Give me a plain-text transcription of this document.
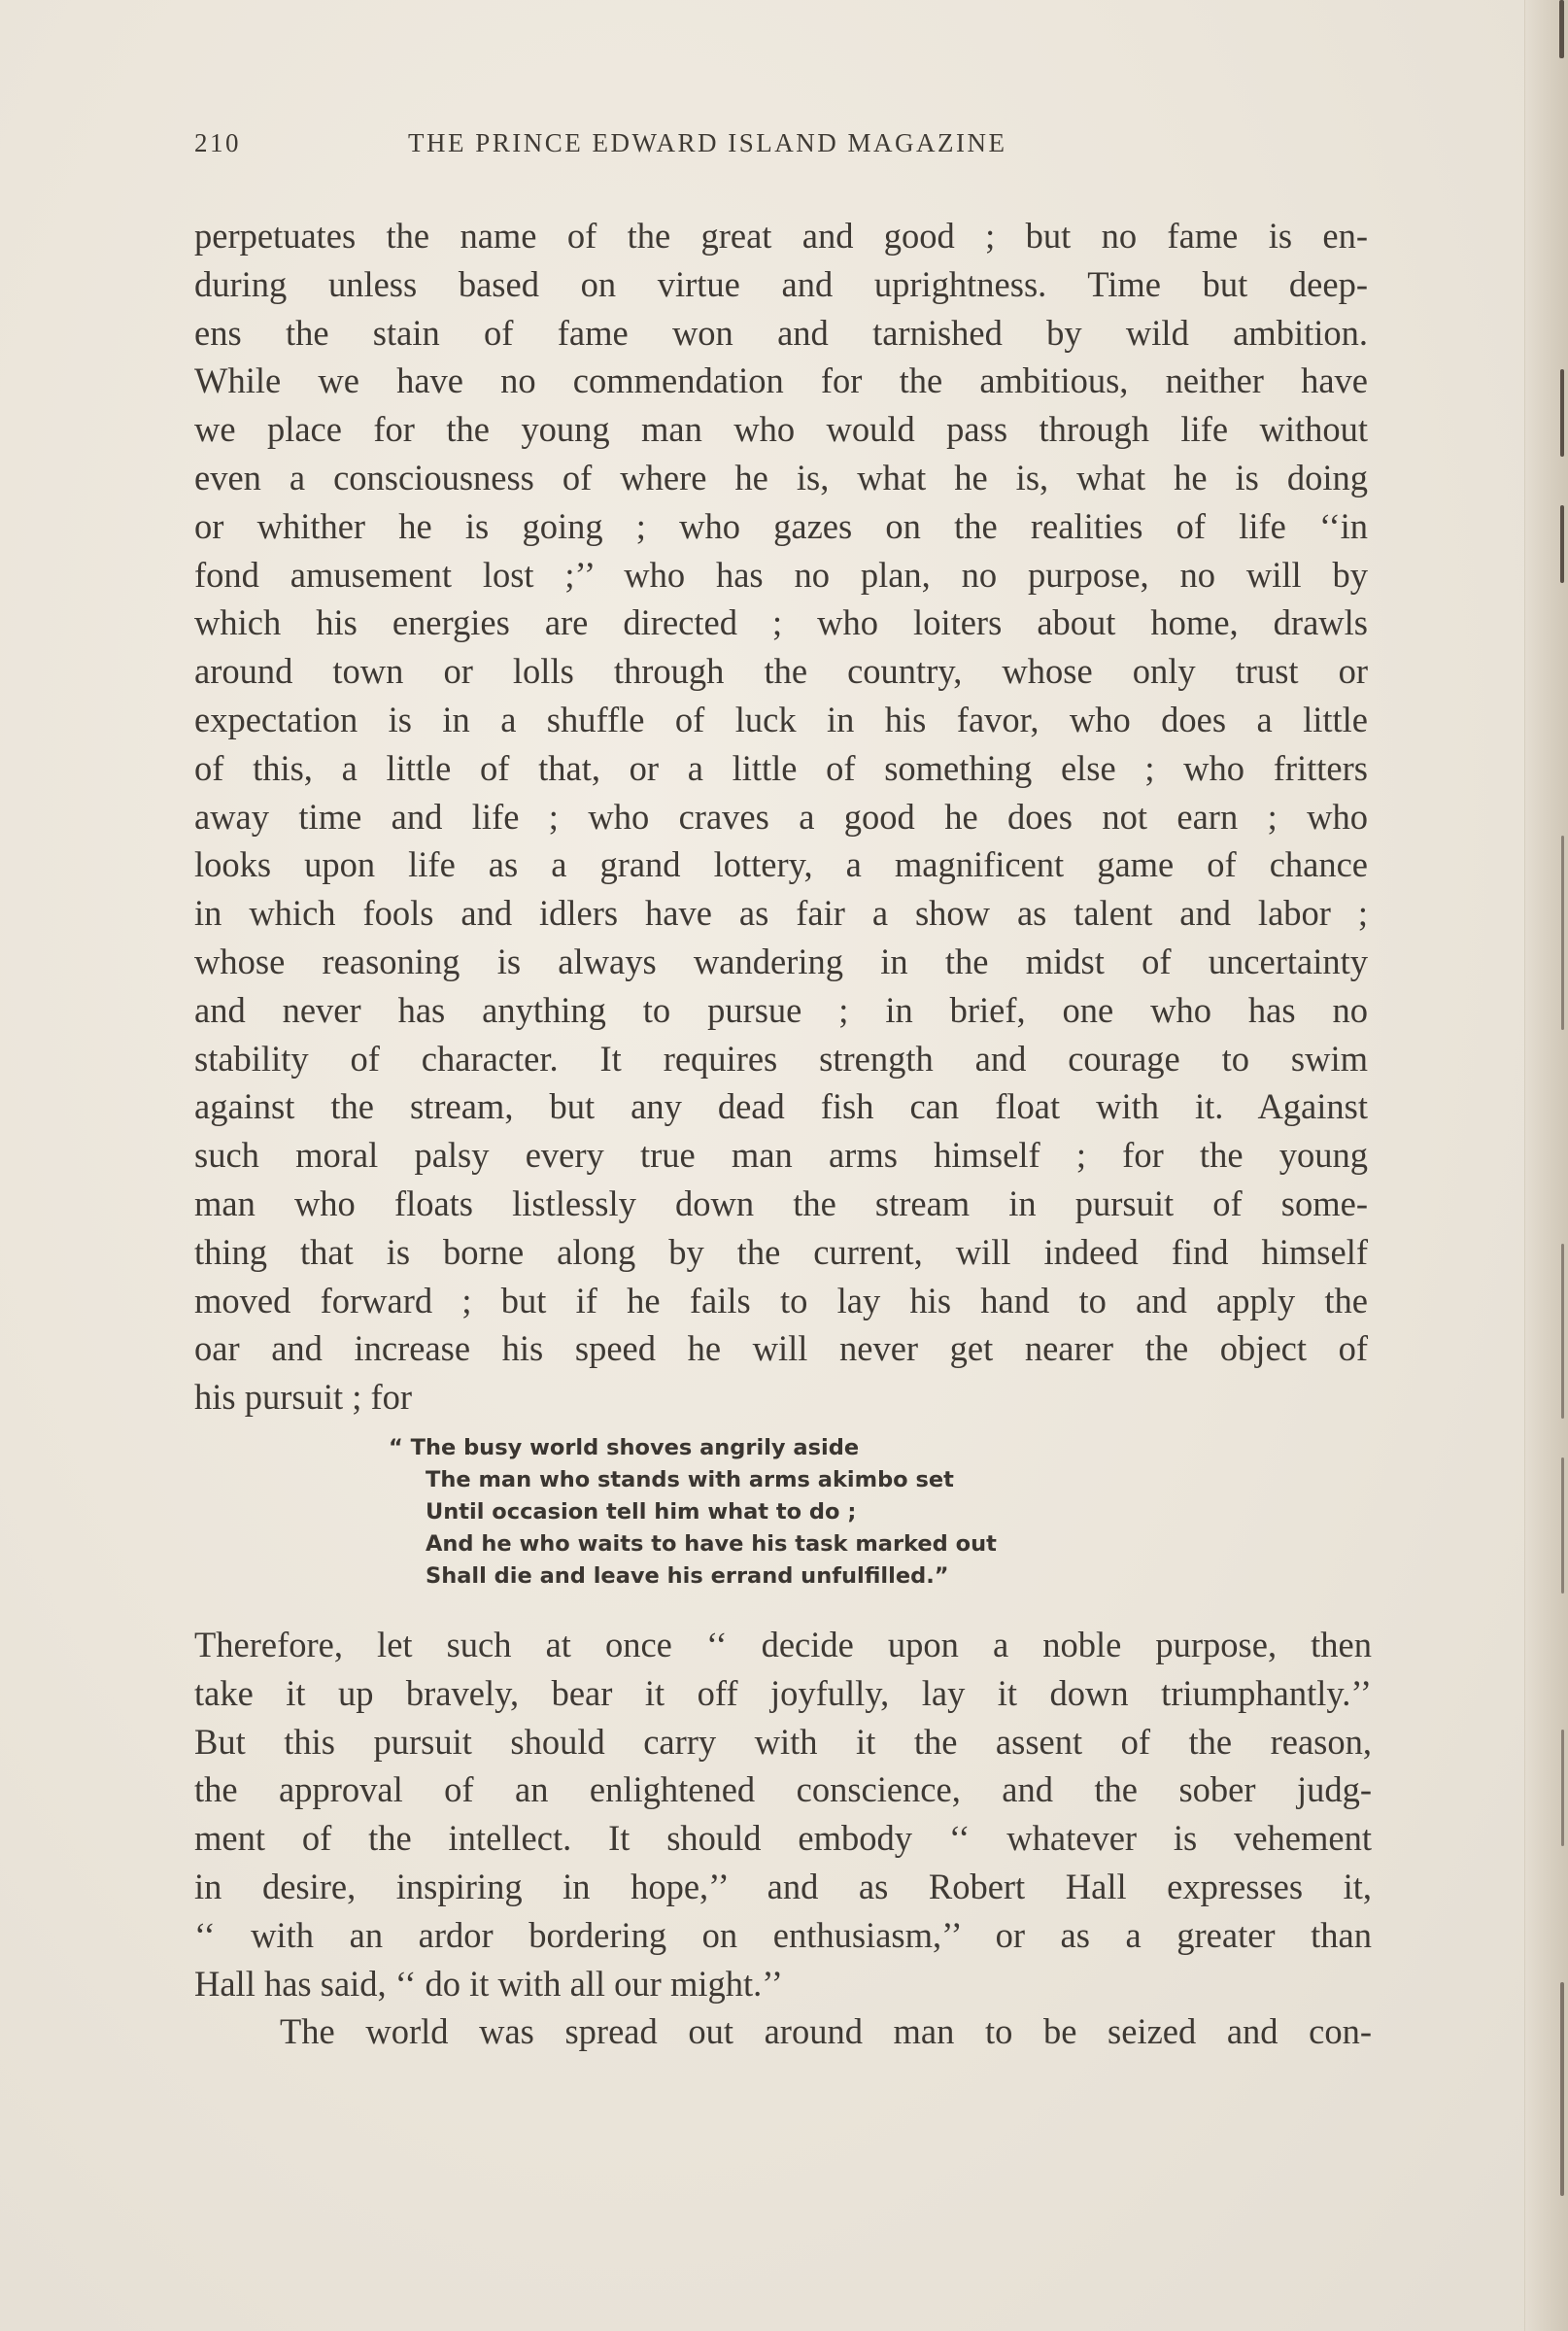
210	THE PRINCE EDWARD ISLAND MAGAZINE
perpetuates the name of the great and good ; but no fame is en-
during unless based on virtue and uprightness. Time but deep-
ens the stain of fame won and tarnished by wild ambition.
While we have no commendation for the ambitious, neither have
we place for the young man who would pass through life without
even a consciousness of where he is, what he is, what he is doing
or whither he is going ; who gazes on the realities of life ‘‘in
fond amusement lost ;’’ who has no plan, no purpose, no will by
which his energies are directed ; who loiters about home, drawls
around town or lolls through the country, whose only trust or
expectation is in a shuffle of luck in his favor, who does a little
of this, a little of that, or a little of something else ; who fritters
away time and life ; who craves a good he does not earn ; who
looks upon life as a grand lottery, a magnificent game of chance
in which fools and idlers have as fair a show as talent and labor ;
whose reasoning is always wandering in the midst of uncertainty
and never has anything to pursue ; in brief, one who has no
stability of character. It requires strength and courage to swim
against the stream, but any dead fish can float with it. Against
such moral palsy every true man arms himself ; for the young
man who floats listlessly down the stream in pursuit of some-
thing that is borne along by the current, will indeed find himself
moved forward ; but if he fails to lay his hand to and apply the
oar and increase his speed he will never get nearer the object of
his pursuit ; for
“ The busy world shoves angrily aside
The man who stands with arms akimbo set
Until occasion tell him what to do ;
And he who waits to have his task marked out
Shall die and leave his errand unfulfilled.”
Therefore, let such at once ‘‘ decide upon a noble purpose, then
take it up bravely, bear it off joyfully, lay it down triumphantly.’’
But this pursuit should carry with it the assent of the reason,
the approval of an enlightened conscience, and the sober judg-
ment of the intellect. It should embody ‘‘ whatever is vehement
in desire, inspiring in hope,’’ and as Robert Hall expresses it,
‘‘ with an ardor bordering on enthusiasm,’’ or as a greater than
Hall has said, ‘‘ do it with all our might.’’
The world was spread out around man to be seized and con-
